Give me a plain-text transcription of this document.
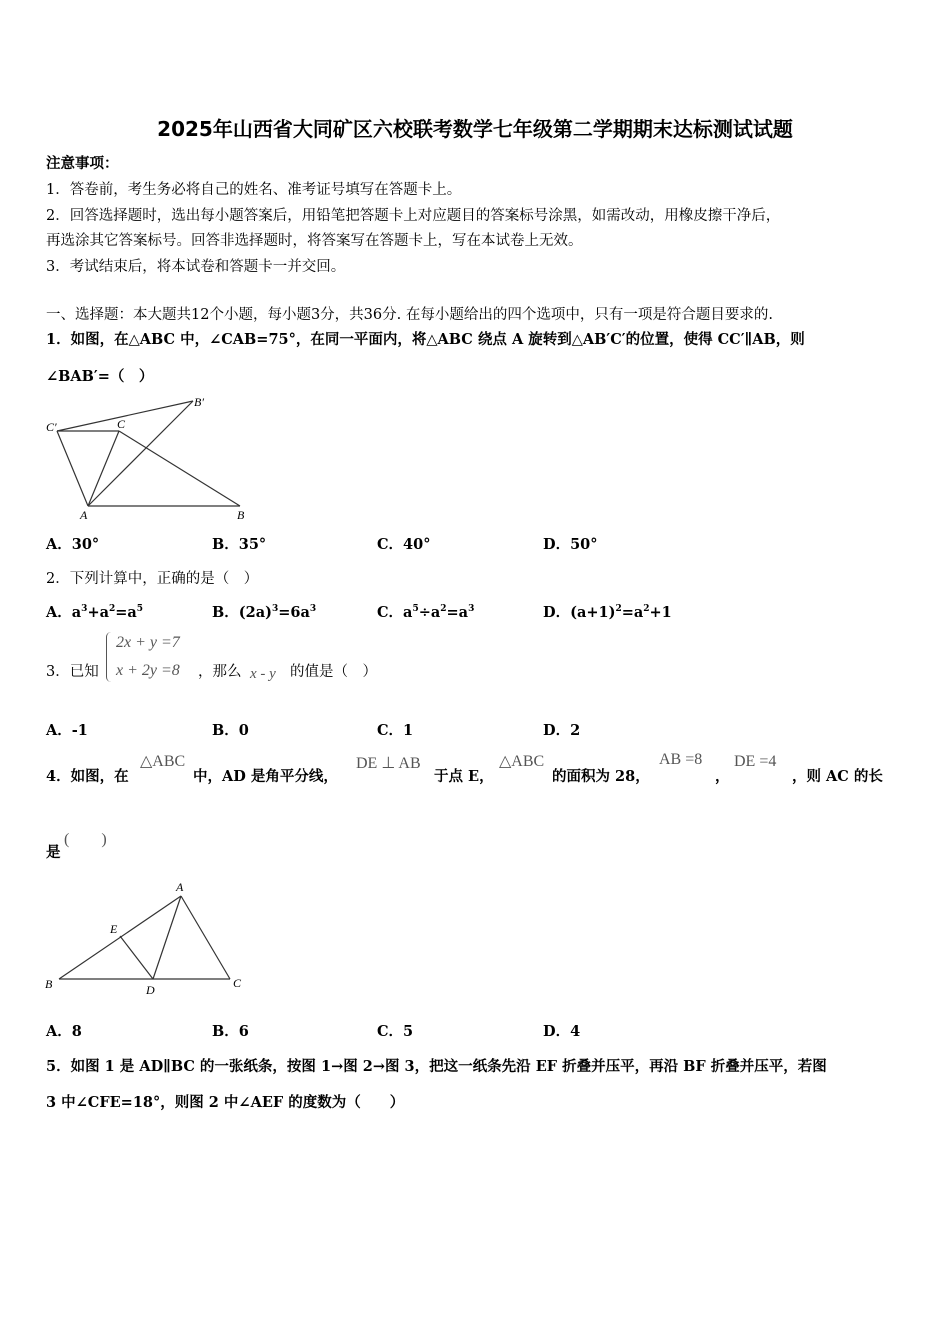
2025年山西省大同矿区六校联考数学七年级第二学期期末达标测试试题
注意事项：
1．答卷前，考生务必将自己的姓名、准考证号填写在答题卡上。
2．回答选择题时，选出每小题答案后，用铅笔把答题卡上对应题目的答案标号涂黑，如需改动，用橡皮擦干净后，
再选涂其它答案标号。回答非选择题时，将答案写在答题卡上，写在本试卷上无效。
3．考试结束后，将本试卷和答题卡一并交回。
一、选择题：本大题共12个小题，每小题3分，共36分. 在每小题给出的四个选项中，只有一项是符合题目要求的.
1．如图，在△ABC 中，∠CAB=75°，在同一平面内，将△ABC 绕点 A 旋转到△AB′C′的位置，使得 CC′∥AB，则
∠BAB′=（　）
C′	C
B′
A	B
A．30°	B．35°	C．40°	D．50°
2．下列计算中，正确的是（　）
A．$a^3+a^2=a^5$	B．$(2a)^3=6a^3$	C．$a^5\div a^2=a^3$	D．$(a+1)^2=a^2+1$
3．已知
2x + y =7
x + 2y =8 ，那么 x - y 的值是（　）
A．-1	B．0	C．1	D．2
4．如图，在
△ABC
中，AD 是角平分线，
DE ⊥ AB
于点 E，
△ABC
的面积为 28，
AB =8
，
DE =4
，则 AC 的长
是
(　　)
A
E
B	D	C
A．8	B．6	C．5	D．4
5．如图 1 是 AD∥BC 的一张纸条，按图 1→图 2→图 3，把这一纸条先沿 EF 折叠并压平，再沿 BF 折叠并压平，若图
3 中∠CFE=18°，则图 2 中∠AEF 的度数为（　　）
